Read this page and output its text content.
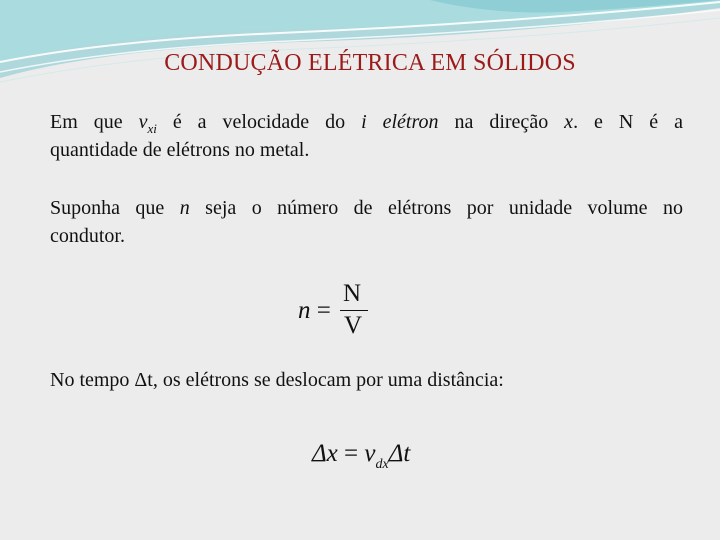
CONDUÇÃO ELÉTRICA EM SÓLIDOS
Em que $v_{xi}$ é a velocidade do i elétron na direção x. e N é a
quantidade de elétrons no metal.
Suponha que n seja o número de elétrons por unidade volume no
condutor.
n =
N
V
No tempo Δt, os elétrons se deslocam por uma distância:
$\Delta x = v_{dx}\Delta t$
